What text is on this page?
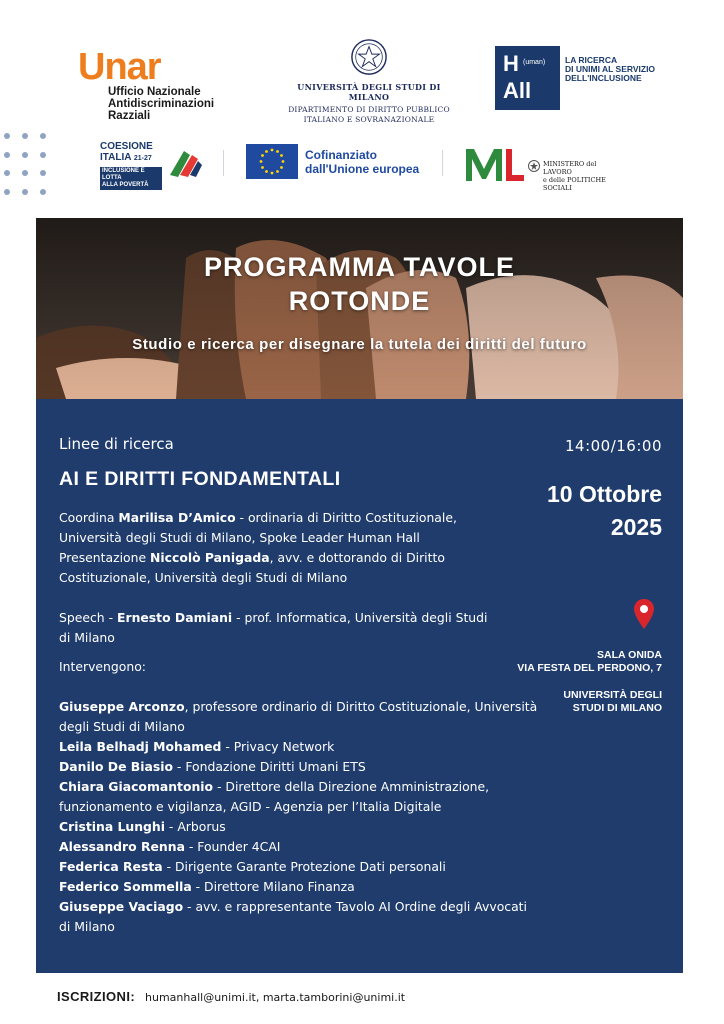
Unar
Ufficio Nazionale
Antidiscriminazioni Razziali
UNIVERSITÀ DEGLI STUDI DI MILANO
DIPARTIMENTO DI DIRITTO PUBBLICO
ITALIANO E SOVRANAZIONALE
H (uman)
All
LA RICERCA
DI UNIMI AL SERVIZIO
DELL'INCLUSIONE
COESIONE
ITALIA 21-27
INCLUSIONE E LOTTA
ALLA POVERTÀ
Cofinanziato
dall'Unione europea	MINISTERO del LAVORO
e delle POLITICHE SOCIALI
PROGRAMMA TAVOLE
ROTONDE
Studio e ricerca per disegnare la tutela dei diritti del futuro
Linee di ricerca	14:00/16:00
AI E DIRITTI FONDAMENTALI
10 Ottobre
2025
Coordina Marilisa D’Amico - ordinaria di Diritto Costituzionale, Università degli Studi di Milano, Spoke Leader Human Hall
Presentazione Niccolò Panigada, avv. e dottorando di Diritto Costituzionale, Università degli Studi di Milano
Speech - Ernesto Damiani - prof. Informatica, Università degli Studi di Milano
Intervengono:
Giuseppe Arconzo, professore ordinario di Diritto Costituzionale, Università degli Studi di Milano
Leila Belhadj Mohamed - Privacy Network
Danilo De Biasio - Fondazione Diritti Umani ETS
Chiara Giacomantonio - Direttore della Direzione Amministrazione, funzionamento e vigilanza, AGID - Agenzia per l’Italia Digitale
Cristina Lunghi - Arborus
Alessandro Renna - Founder 4CAI
Federica Resta - Dirigente Garante Protezione Dati personali
Federico Sommella - Direttore Milano Finanza
Giuseppe Vaciago - avv. e rappresentante Tavolo AI Ordine degli Avvocati di Milano
SALA ONIDA
VIA FESTA DEL PERDONO, 7
UNIVERSITÀ DEGLI
STUDI DI MILANO
ISCRIZIONI: humanhall@unimi.it, marta.tamborini@unimi.it
